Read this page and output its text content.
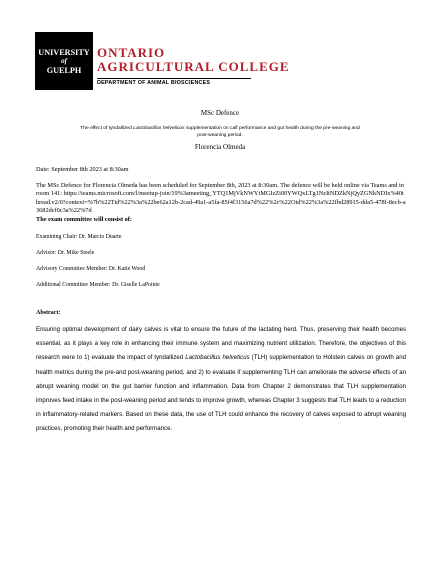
UNIVERSITY
of
GUELPH
ONTARIO
AGRICULTURAL COLLEGE
DEPARTMENT OF ANIMAL BIOSCIENCES
MSc Defence
The effect of tyndallized Lactobacillus helveticus supplementation on calf performance and gut health during the pre-weaning and post-weaning period.
Florencia Olmeda
Date: September 8th 2023 at 8:30am
The MSc Defence for Florencia Olmeda has been scheduled for September 8th, 2023 at 8:30am. The defence will be held online via Teams and in room 141: https://teams.microsoft.com/l/meetup-join/19%3ameeting_YTQ1MjVkNWYtMGIzZi00YWQxLTg1NzItNDZkNjQyZGNkNDIx%40thread.v2/0?context=%7b%22Tid%22%3a%22be62a12b-2cad-49a1-a5fa-85f4f3156a7d%22%2c%22Oid%22%3a%22fbd28915-dda5-478f-8ecb-a3682dcf0c3a%22%7d
The exam committee will consist of:
Examining Chair: Dr. Marcio Duarte
Advisor: Dr. Mike Steele
Advisory Committee Member: Dr. Katie Wood
Additional Committee Member: Dr. Giselle LaPointe
Abstract:
Ensuring optimal development of dairy calves is vital to ensure the future of the lactating herd. Thus, preserving their health becomes essential, as it plays a key role in enhancing their immune system and maximizing nutrient utilization. Therefore, the objectives of this research were to 1) evaluate the impact of tyndallized Lactobacillus helveticus (TLH) supplementation to Holstein calves on growth and health metrics during the pre-and post-weaning period, and 2) to evaluate if supplementing TLH can ameliorate the adverse effects of an abrupt weaning model on the gut barrier function and inflammation. Data from Chapter 2 demonstrates that TLH supplementation improves feed intake in the post-weaning period and tends to improve growth, whereas Chapter 3 suggests that TLH leads to a reduction in inflammatory-related markers. Based on these data, the use of TLH could enhance the recovery of calves exposed to abrupt weaning practices, promoting their health and performance.
